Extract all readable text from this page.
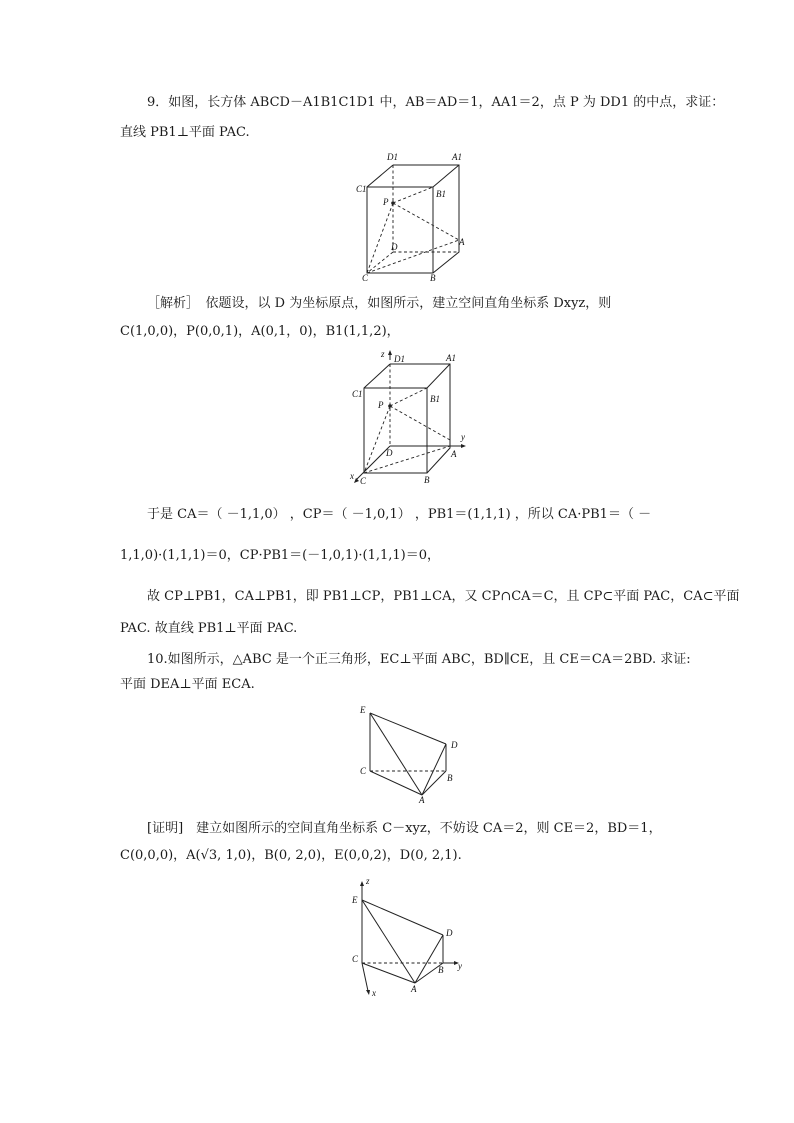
9．如图，长方体 ABCD－A1B1C1D1 中，AB＝AD＝1，AA1＝2，点 P 为 DD1 的中点，求证：
直线 PB1⊥平面 PAC.
D1	A1
C1	B1
P
D	A
C	B
［解析］　依题设，以 D 为坐标原点，如图所示，建立空间直角坐标系 Dxyz，则
C(1,0,0)，P(0,0,1)，A(0,1，0)，B1(1,1,2)，
z D1	A1
C1	B1
P
y
D	A
x C	B
于是 CA＝（ －1,1,0） ，CP＝（ －1,0,1） ，PB1＝(1,1,1) ，所以 CA·PB1＝（ －
1,1,0)·(1,1,1)＝0，CP·PB1＝(－1,0,1)·(1,1,1)＝0，
故 CP⊥PB1，CA⊥PB1，即 PB1⊥CP，PB1⊥CA，又 CP∩CA＝C，且 CP⊂平面 PAC，CA⊂平面
PAC. 故直线 PB1⊥平面 PAC.
10.如图所示，△ABC 是一个正三角形，EC⊥平面 ABC，BD∥CE，且 CE＝CA＝2BD. 求证:
平面 DEA⊥平面 ECA.
E
D
C
B
A
[证明]　建立如图所示的空间直角坐标系 C－xyz，不妨设 CA＝2，则 CE＝2，BD＝1，
C(0,0,0)，A(√3, 1,0)，B(0, 2,0)，E(0,0,2)，D(0, 2,1).
z
E
D
C
B y
A
x
